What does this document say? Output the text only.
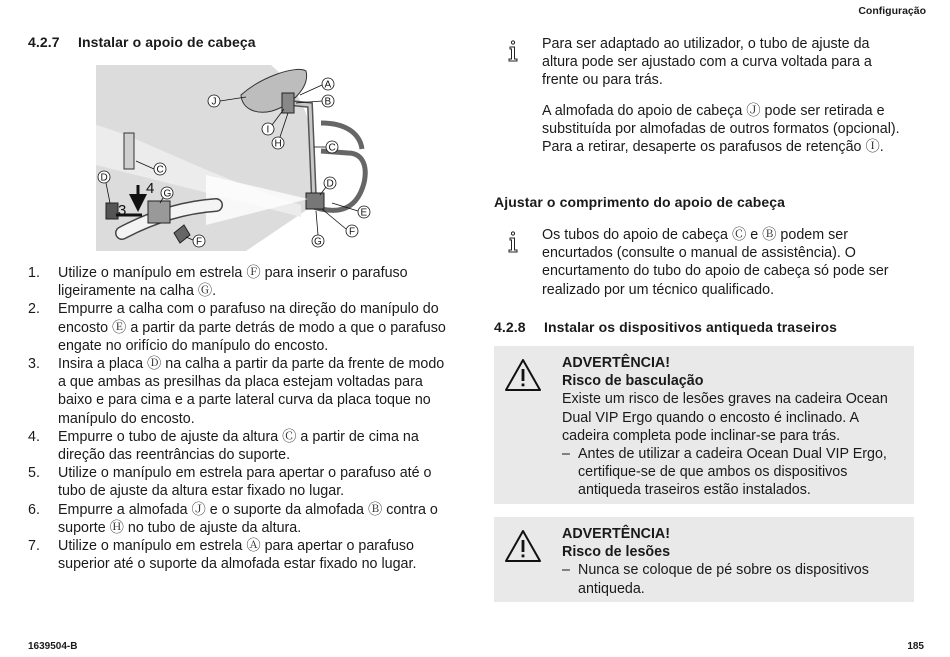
Configuração
1639504-B	185
4.2.7 Instalar o apoio de cabeça
A
B
J
I
H	C
D
E
F
G
C
D
4 G
3
F
1. Utilize o manípulo em estrela Ⓕ para inserir o parafuso ligeiramente na calha Ⓖ.
2. Empurre a calha com o parafuso na direção do manípulo do encosto Ⓔ a partir da parte detrás de modo a que o parafuso engate no orifício do manípulo do encosto.
3. Insira a placa Ⓓ na calha a partir da parte da frente de modo a que ambas as presilhas da placa estejam voltadas para baixo e para cima e a parte lateral curva da placa toque no manípulo do encosto.
4. Empurre o tubo de ajuste da altura Ⓒ a partir de cima na direção das reentrâncias do suporte.
5. Utilize o manípulo em estrela para apertar o parafuso até o tubo de ajuste da altura estar fixado no lugar.
6. Empurre a almofada Ⓙ e o suporte da almofada Ⓑ contra o suporte Ⓗ no tubo de ajuste da altura.
7. Utilize o manípulo em estrela Ⓐ para apertar o parafuso superior até o suporte da almofada estar fixado no lugar.

Para ser adaptado ao utilizador, o tubo de ajuste da altura pode ser ajustado com a curva voltada para a frente ou para trás.

A almofada do apoio de cabeça Ⓙ pode ser retirada e substituída por almofadas de outros formatos (opcional). Para a retirar, desaperte os parafusos de retenção Ⓘ.

Ajustar o comprimento do apoio de cabeça

Os tubos do apoio de cabeça Ⓒ e Ⓑ podem ser encurtados (consulte o manual de assistência). O encurtamento do tubo do apoio de cabeça só pode ser realizado por um técnico qualificado.

4.2.8 Instalar os dispositivos antiqueda traseiros
ADVERTÊNCIA!
Risco de basculação
Existe um risco de lesões graves na cadeira Ocean Dual VIP Ergo quando o encosto é inclinado. A cadeira completa pode inclinar-se para trás.
– Antes de utilizar a cadeira Ocean Dual VIP Ergo, certifique-se de que ambos os dispositivos antiqueda traseiros estão instalados.
ADVERTÊNCIA!
Risco de lesões
– Nunca se coloque de pé sobre os dispositivos antiqueda.
